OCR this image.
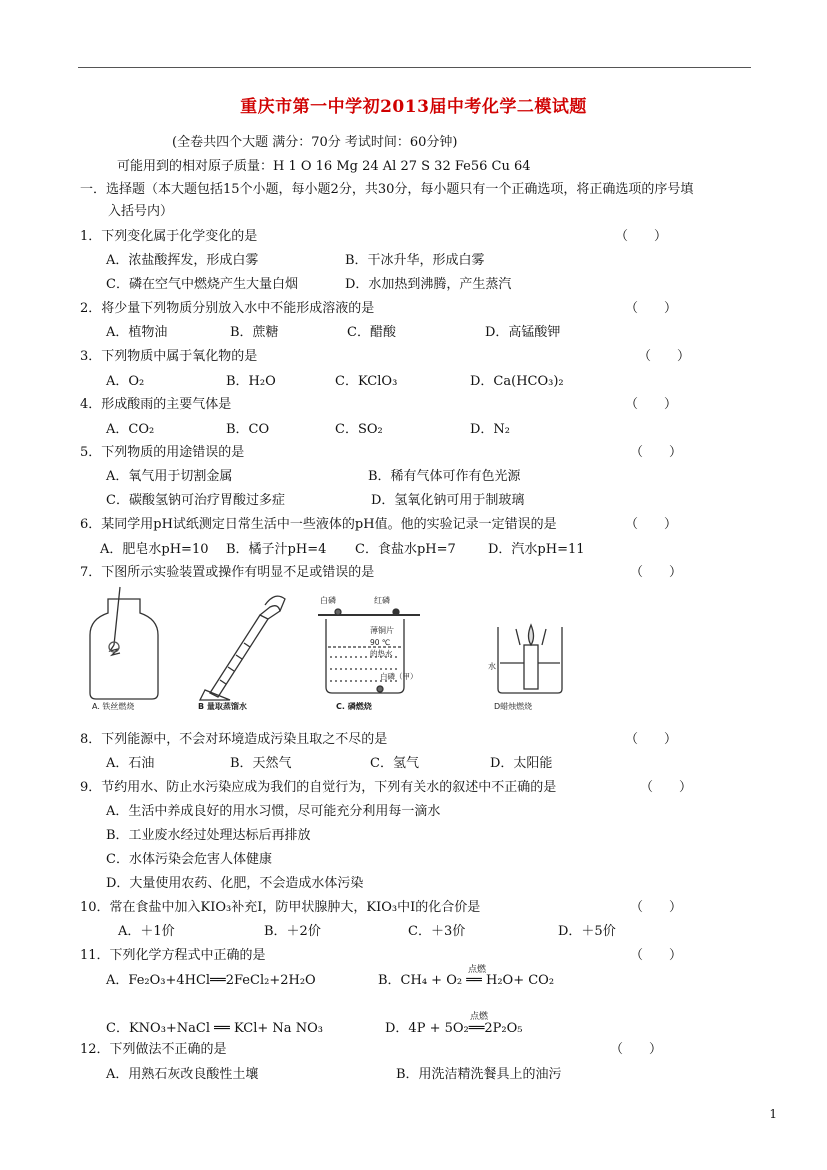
重庆市第一中学初2013届中考化学二模试题
(全卷共四个大题 满分：70分 考试时间：60分钟)
可能用到的相对原子质量：H 1 O 16 Mg 24 Al 27 S 32 Fe56 Cu 64
一．选择题（本大题包括15个小题，每小题2分，共30分，每小题只有一个正确选项，将正确选项的序号填
入括号内）
1．下列变化属于化学变化的是	（　　）
A．浓盐酸挥发，形成白雾	B．干冰升华，形成白雾
C．磷在空气中燃烧产生大量白烟	D．水加热到沸腾，产生蒸汽
2．将少量下列物质分别放入水中不能形成溶液的是	（　　）
A．植物油	B．蔗糖	C．醋酸	D．高锰酸钾
3．下列物质中属于氧化物的是	（　　）
A．O₂	B．H₂O	C．KClO₃	D．Ca(HCO₃)₂
4．形成酸雨的主要气体是	（　　）
A．CO₂	B．CO	C．SO₂	D．N₂
5．下列物质的用途错误的是	（　　）
A．氧气用于切割金属	B．稀有气体可作有色光源
C．碳酸氢钠可治疗胃酸过多症	D．氢氧化钠可用于制玻璃
6．某同学用pH试纸测定日常生活中一些液体的pH值。他的实验记录一定错误的是	（　　）
A．肥皂水pH=10 B．橘子汁pH=4 C．食盐水pH=7 D．汽水pH=11
7．下图所示实验装置或操作有明显不足或错误的是	（　　）
A. 铁丝燃烧	B 量取蒸馏水
白磷	红磷
薄铜片
90 ℃
的热水
白磷（甲）
C. 磷燃烧
水
D蜡烛燃烧
8．下列能源中，不会对环境造成污染且取之不尽的是	（　　）
A．石油	B．天然气	C．氢气	D．太阳能
9．节约用水、防止水污染应成为我们的自觉行为，下列有关水的叙述中不正确的是	（　　）
A．生活中养成良好的用水习惯，尽可能充分利用每一滴水
B．工业废水经过处理达标后再排放
C．水体污染会危害人体健康
D．大量使用农药、化肥，不会造成水体污染
10．常在食盐中加入KIO₃补充I，防甲状腺肿大，KIO₃中I的化合价是	（　　）
A．＋1价	B．＋2价	C．＋3价	D．＋5价
11．下列化学方程式中正确的是	（　　）
A．Fe₂O₃+4HCl══2FeCl₂+2H₂O
点燃
B．CH₄ + O₂ ══ H₂O+ CO₂
C．KNO₃+NaCl ══ KCl+ Na NO₃
点燃
D．4P + 5O₂══2P₂O₅
12．下列做法不正确的是	（　　）
A．用熟石灰改良酸性土壤	B．用洗洁精洗餐具上的油污
1
